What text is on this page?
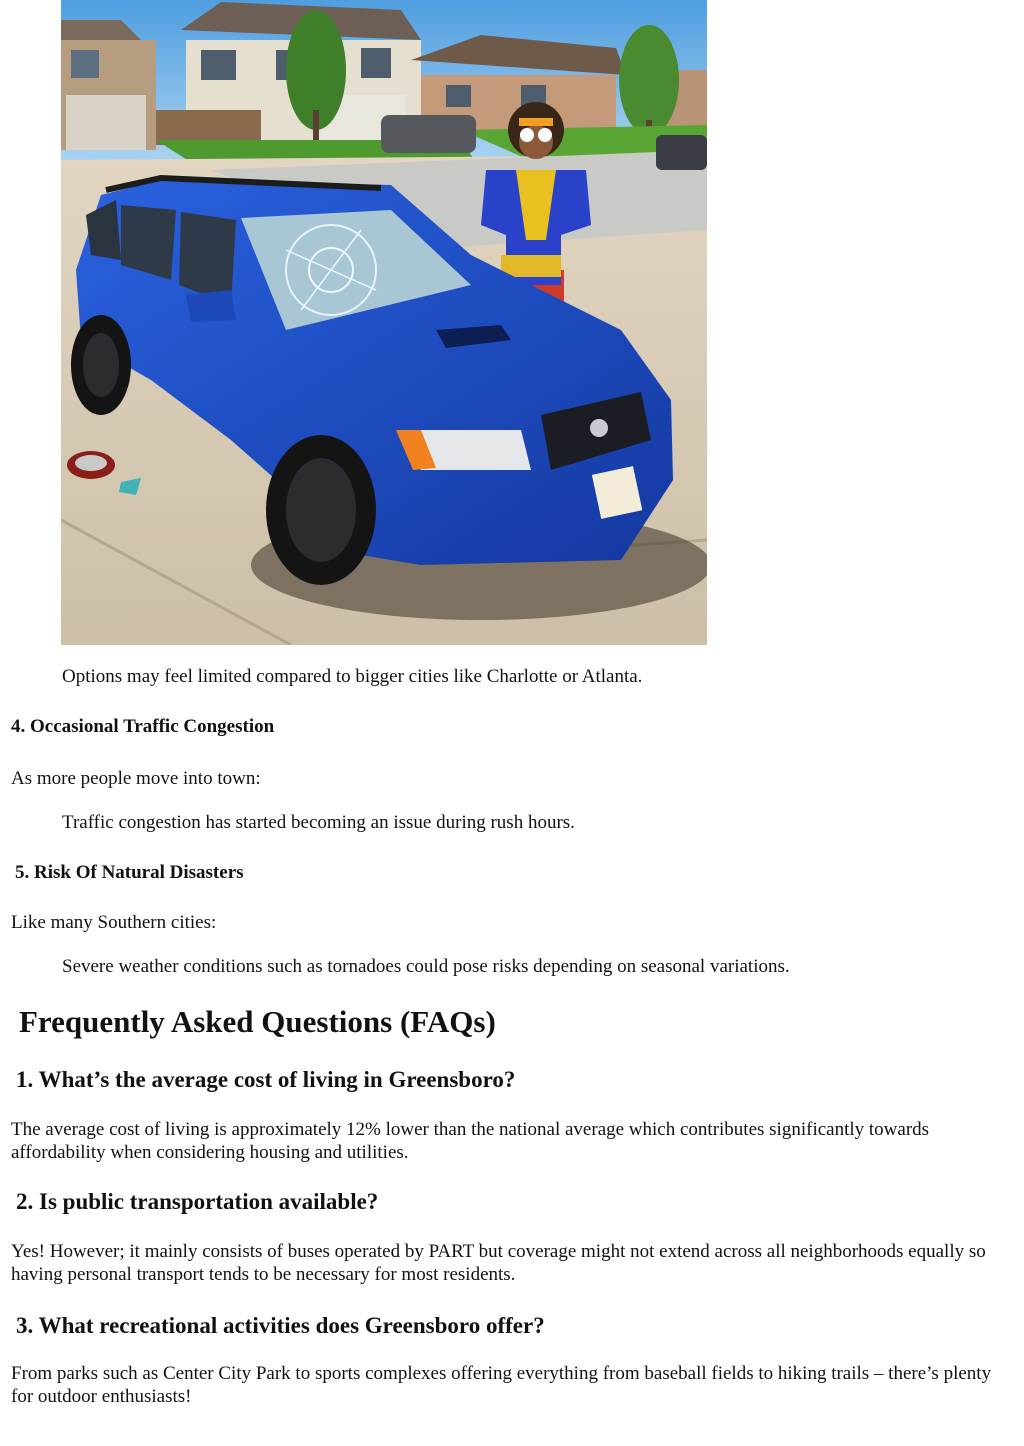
Options may feel limited compared to bigger cities like Charlotte or Atlanta.

4. Occasional Traffic Congestion

As more people move into town:

Traffic congestion has started becoming an issue during rush hours.

5. Risk Of Natural Disasters

Like many Southern cities:

Severe weather conditions such as tornadoes could pose risks depending on seasonal variations.

Frequently Asked Questions (FAQs)
1. What’s the average cost of living in Greensboro?

The average cost of living is approximately 12% lower than the national average which contributes significantly towards affordability when considering housing and utilities.

2. Is public transportation available?

Yes! However; it mainly consists of buses operated by PART but coverage might not extend across all neighborhoods equally so having personal transport tends to be necessary for most residents.

3. What recreational activities does Greensboro offer?

From parks such as Center City Park to sports complexes offering everything from baseball fields to hiking trails – there’s plenty for outdoor enthusiasts!
